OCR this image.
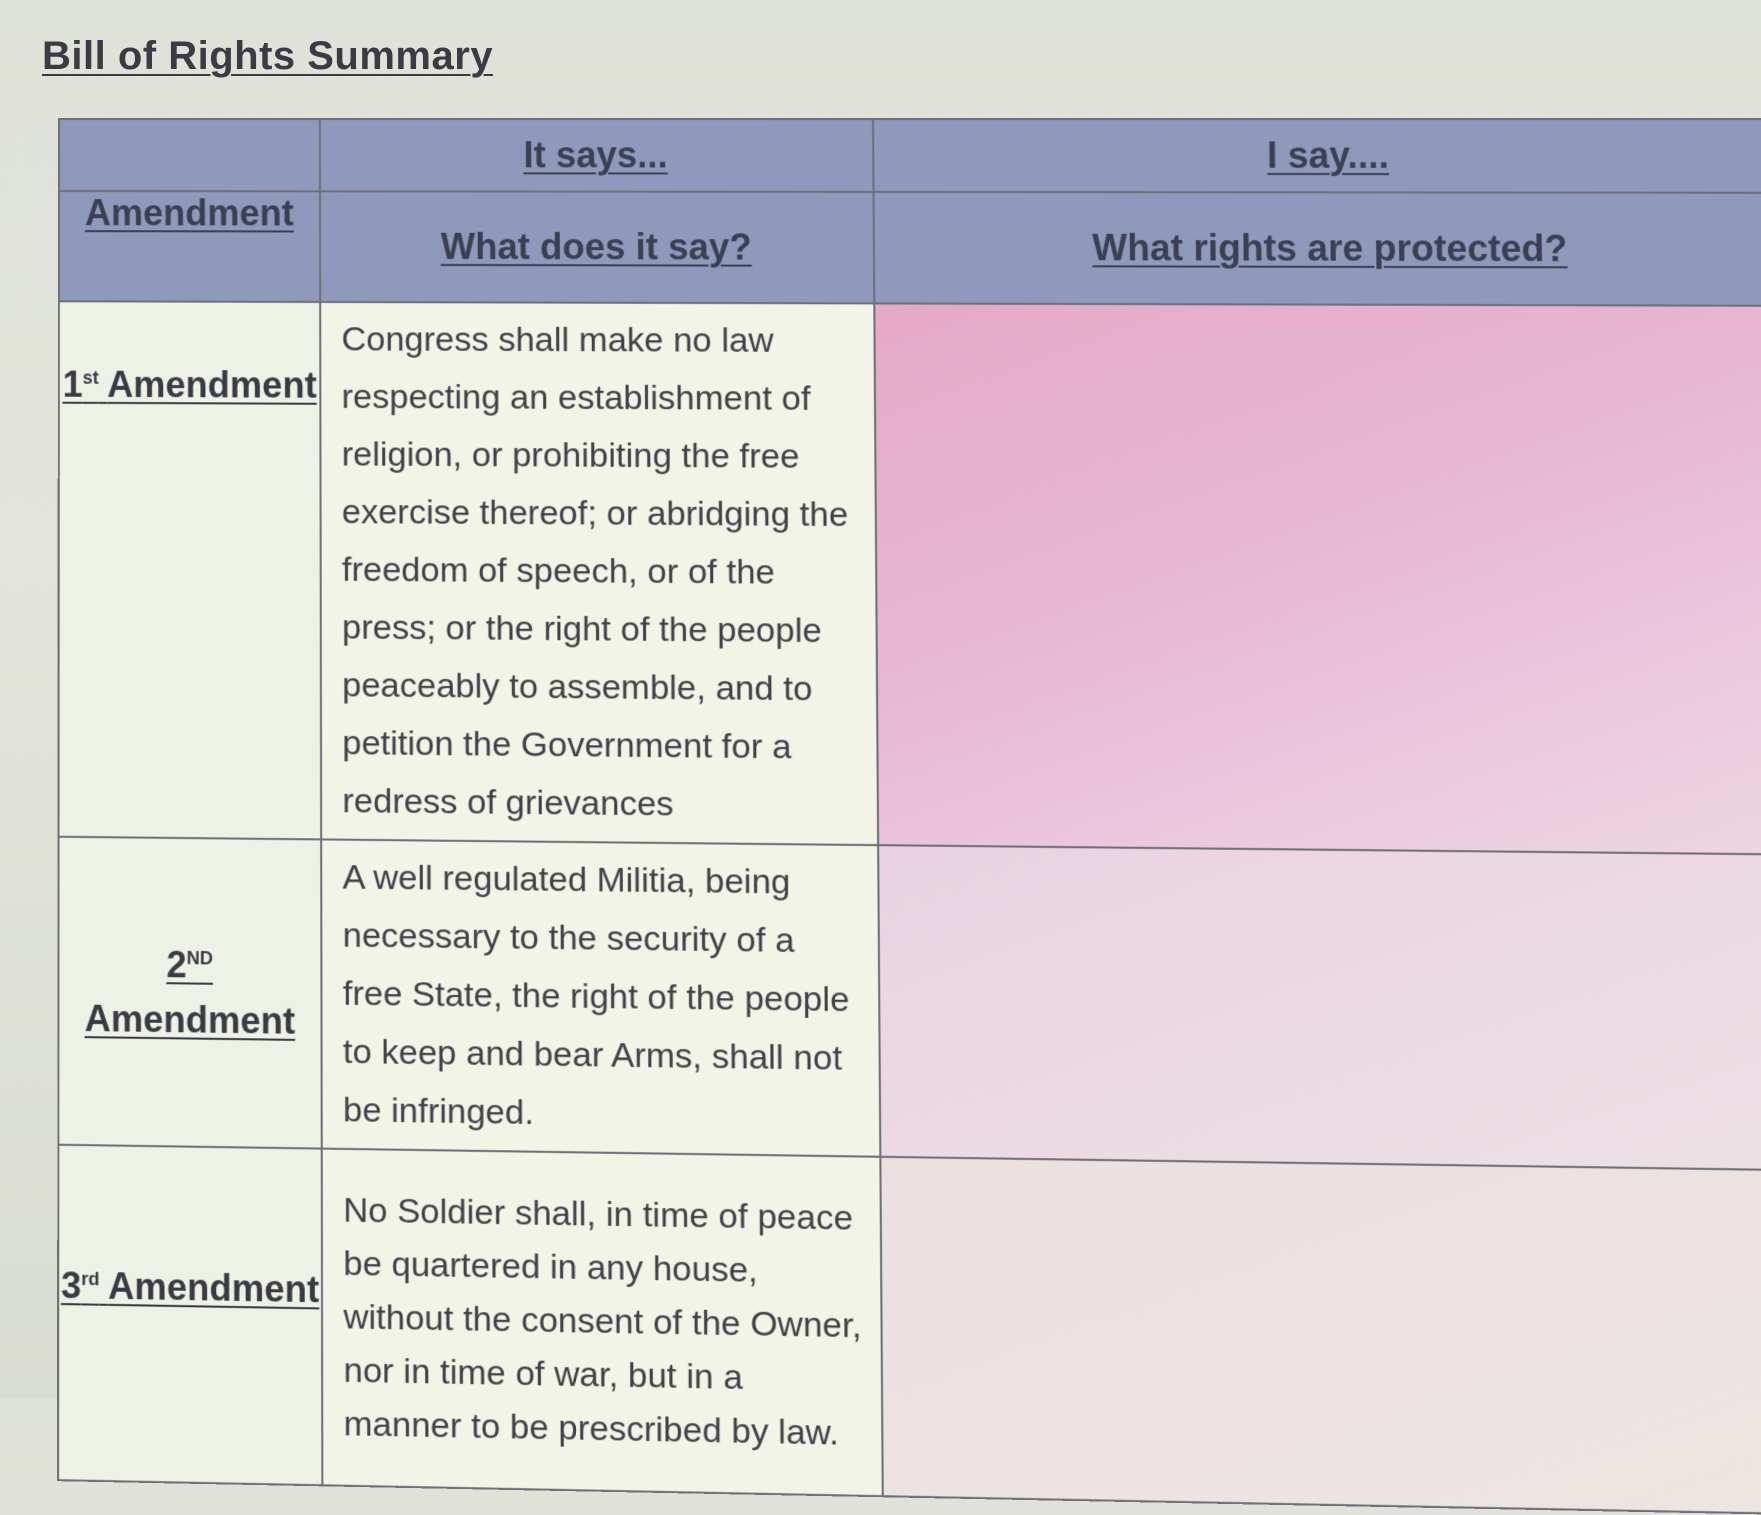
Bill of Rights Summary
	It says...	I say....
Amendment	What does it say?	What rights are protected?
1st Amendment	Congress shall make no law respecting an establishment of religion, or prohibiting the free exercise thereof; or abridging the freedom of speech, or of the press; or the right of the people peaceably to assemble, and to petition the Government for a redress of grievances	

2ND
Amendment	A well regulated Militia, being necessary to the security of a free State, the right of the people to keep and bear Arms, shall not be infringed.	
3rd Amendment	No Soldier shall, in time of peace be quartered in any house, without the consent of the Owner, nor in time of war, but in a manner to be prescribed by law.	
